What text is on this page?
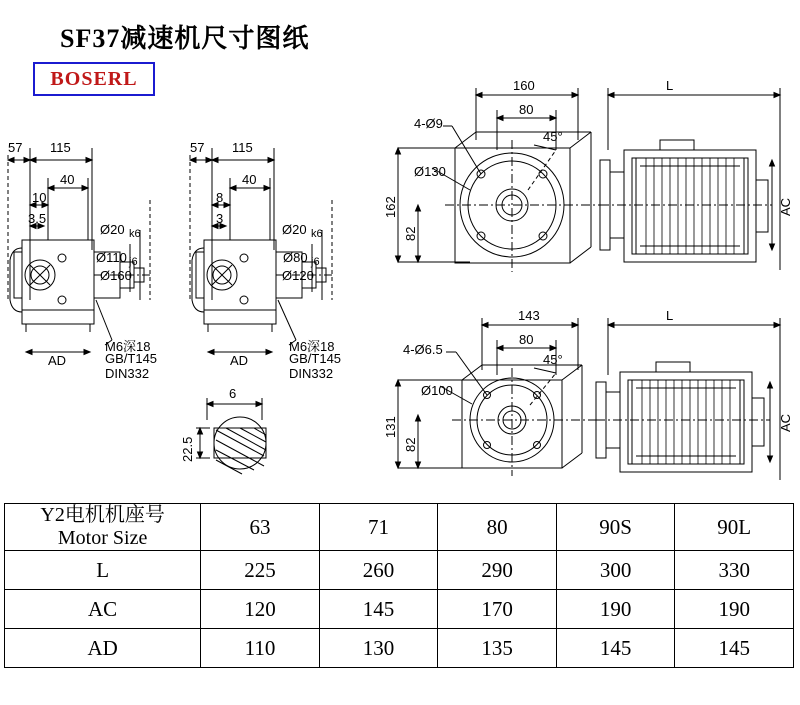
SF37减速机尺寸图纸
BOSERL
57 115
40
10
3.5
Ø20 k6
Ø110 j6
Ø160
AD
M6深18
GB/T145
DIN332
57 115
40
8
3
Ø20 k6
Ø80 j6
Ø120
AD
M6深18
GB/T145
DIN332
6
22.5
160
80
L
4-Ø9
45°
Ø130
162
82
AC
143
80
L
4-Ø6.5
45°
Ø100
131
82
AC
Y2电机机座号
Motor Size	63	71	80	90S	90L
L	225	260	290	300	330
AC	120	145	170	190	190
AD	110	130	135	145	145
